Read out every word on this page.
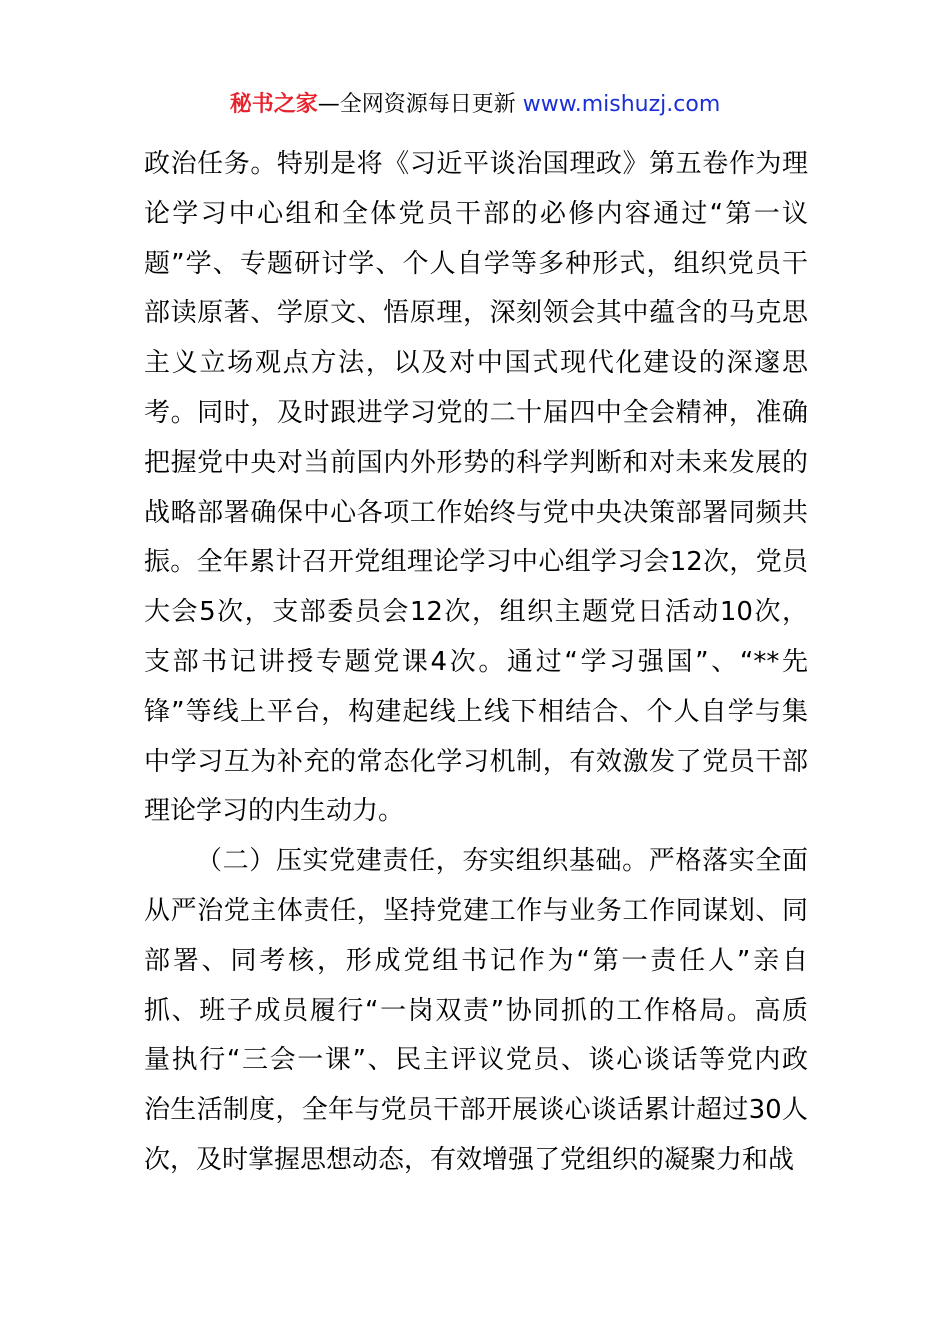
秘书之家—全网资源每日更新 www.mishuzj.com
政治任务。特别是将《习近平谈治国理政》第五卷作为理
论学习中心组和全体党员干部的必修内容通过“第一议
题”学、专题研讨学、个人自学等多种形式，组织党员干
部读原著、学原文、悟原理，深刻领会其中蕴含的马克思
主义立场观点方法，以及对中国式现代化建设的深邃思
考。同时，及时跟进学习党的二十届四中全会精神，准确
把握党中央对当前国内外形势的科学判断和对未来发展的
战略部署确保中心各项工作始终与党中央决策部署同频共
振。全年累计召开党组理论学习中心组学习会12次，党员
大会5次，支部委员会12次，组织主题党日活动10次，
支部书记讲授专题党课4次。通过“学习强国”、“**先
锋”等线上平台，构建起线上线下相结合、个人自学与集
中学习互为补充的常态化学习机制，有效激发了党员干部
理论学习的内生动力。
（二）压实党建责任，夯实组织基础。严格落实全面
从严治党主体责任，坚持党建工作与业务工作同谋划、同
部署、同考核，形成党组书记作为“第一责任人”亲自
抓、班子成员履行“一岗双责”协同抓的工作格局。高质
量执行“三会一课”、民主评议党员、谈心谈话等党内政
治生活制度，全年与党员干部开展谈心谈话累计超过30人
次，及时掌握思想动态，有效增强了党组织的凝聚力和战
